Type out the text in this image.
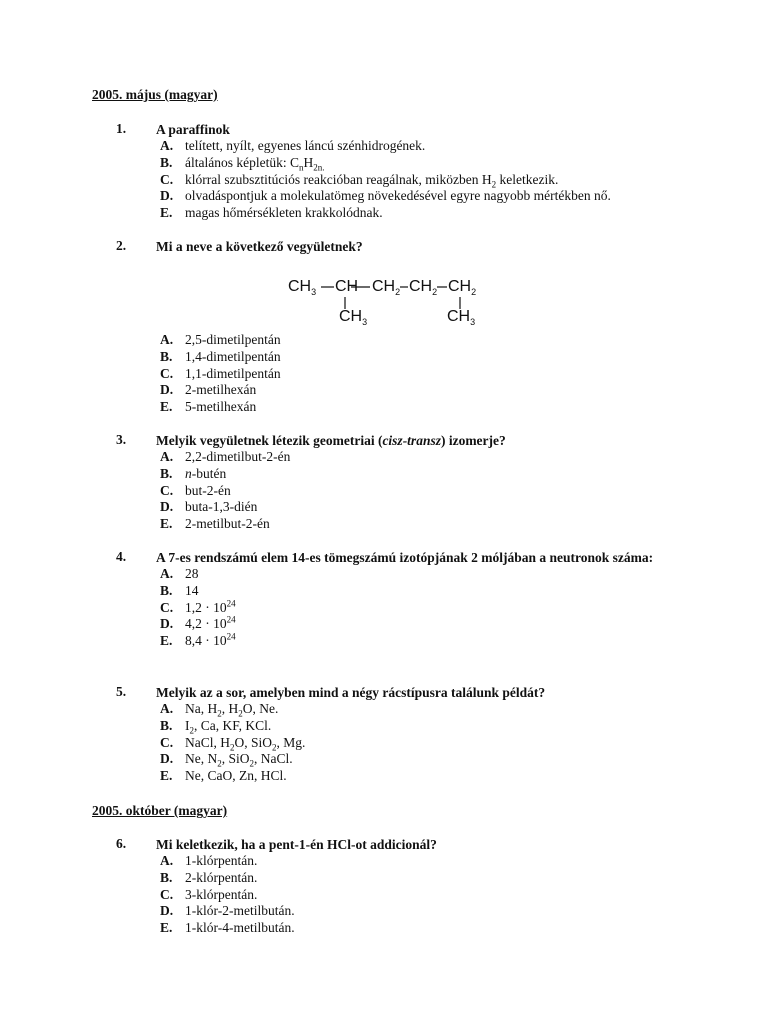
2005. május (magyar)
1. A paraffinok
A. telített, nyílt, egyenes láncú szénhidrogének.
B. általános képletük: $C_nH_{2n.}$
C. klórral szubsztitúciós reakcióban reagálnak, miközben $H_2$ keletkezik.
D. olvadáspontjuk a molekulatömeg növekedésével egyre nagyobb mértékben nő.
E. magas hőmérsékleten krakkolódnak.
2. Mi a neve a következő vegyületnek?
$CH_3$ CH $CH_2$ $CH_2$ $CH_2$
$CH_3$	$CH_3$
A. 2,5-dimetilpentán
B. 1,4-dimetilpentán
C. 1,1-dimetilpentán
D. 2-metilhexán
E. 5-metilhexán
3. Melyik vegyületnek létezik geometriai (cisz-transz) izomerje?
A. 2,2-dimetilbut-2-én
B. n-butén
C. but-2-én
D. buta-1,3-dién
E. 2-metilbut-2-én
4. A 7-es rendszámú elem 14-es tömegszámú izotópjának 2 móljában a neutronok száma:
A. 28
B. 14
C. $1,2 \cdot 10^{24}$
D. $4,2 \cdot 10^{24}$
E. $8,4 \cdot 10^{24}$
5. Melyik az a sor, amelyben mind a négy rácstípusra találunk példát?
A. Na, $H_2$, $H_2O$, Ne.
B. $I_2$, Ca, KF, KCl.
C. NaCl, $H_2O$, SiO$_2$, Mg.
D. Ne, $N_2$, SiO$_2$, NaCl.
E. Ne, CaO, Zn, HCl.
2005. október (magyar)
6. Mi keletkezik, ha a pent-1-én HCl-ot addicionál?
A. 1-klórpentán.
B. 2-klórpentán.
C. 3-klórpentán.
D. 1-klór-2-metilbután.
E. 1-klór-4-metilbután.
